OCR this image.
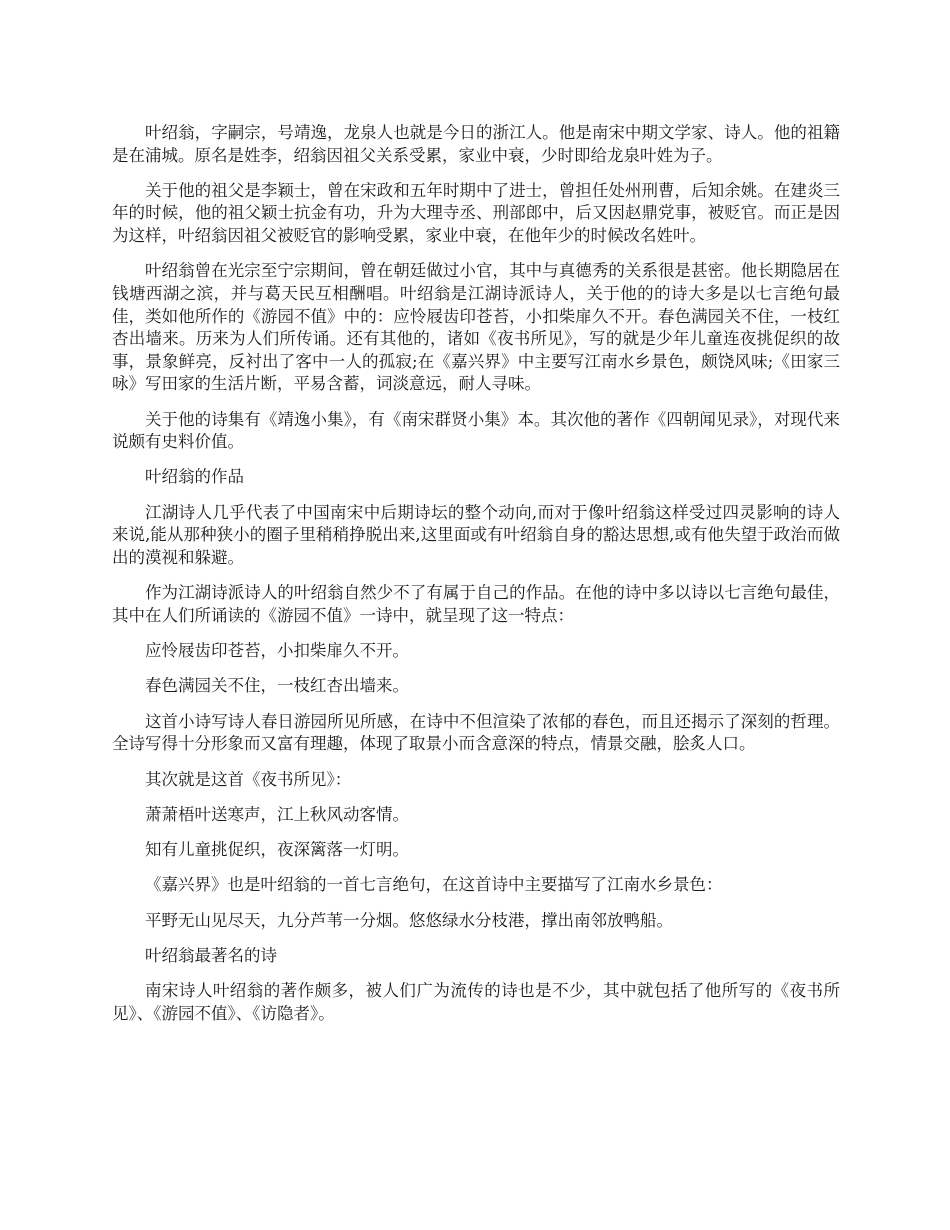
叶绍翁，字嗣宗，号靖逸，龙泉人也就是今日的浙江人。他是南宋中期文学家、诗人。他的祖籍是在浦城。原名是姓李，绍翁因祖父关系受累，家业中衰，少时即给龙泉叶姓为子。

关于他的祖父是李颖士，曾在宋政和五年时期中了进士，曾担任处州刑曹，后知余姚。在建炎三年的时候，他的祖父颖士抗金有功，升为大理寺丞、刑部郎中，后又因赵鼎党事，被贬官。而正是因为这样，叶绍翁因祖父被贬官的影响受累，家业中衰，在他年少的时候改名姓叶。

叶绍翁曾在光宗至宁宗期间，曾在朝廷做过小官，其中与真德秀的关系很是甚密。他长期隐居在钱塘西湖之滨，并与葛天民互相酬唱。叶绍翁是江湖诗派诗人，关于他的的诗大多是以七言绝句最佳，类如他所作的《游园不值》中的：应怜屐齿印苍苔，小扣柴扉久不开。春色满园关不住，一枝红杏出墙来。历来为人们所传诵。还有其他的，诸如《夜书所见》，写的就是少年儿童连夜挑促织的故事，景象鲜亮，反衬出了客中一人的孤寂;在《嘉兴界》中主要写江南水乡景色，颇饶风味;《田家三咏》写田家的生活片断，平易含蓄，词淡意远，耐人寻味。

关于他的诗集有《靖逸小集》，有《南宋群贤小集》本。其次他的著作《四朝闻见录》，对现代来说颇有史料价值。

叶绍翁的作品

江湖诗人几乎代表了中国南宋中后期诗坛的整个动向,而对于像叶绍翁这样受过四灵影响的诗人来说,能从那种狭小的圈子里稍稍挣脱出来,这里面或有叶绍翁自身的豁达思想,或有他失望于政治而做出的漠视和躲避。

作为江湖诗派诗人的叶绍翁自然少不了有属于自己的作品。在他的诗中多以诗以七言绝句最佳，其中在人们所诵读的《游园不值》一诗中，就呈现了这一特点：

应怜屐齿印苍苔，小扣柴扉久不开。

春色满园关不住，一枝红杏出墙来。

这首小诗写诗人春日游园所见所感，在诗中不但渲染了浓郁的春色，而且还揭示了深刻的哲理。全诗写得十分形象而又富有理趣，体现了取景小而含意深的特点，情景交融，脍炙人口。

其次就是这首《夜书所见》：

萧萧梧叶送寒声，江上秋风动客情。

知有儿童挑促织，夜深篱落一灯明。

《嘉兴界》也是叶绍翁的一首七言绝句，在这首诗中主要描写了江南水乡景色：

平野无山见尽天，九分芦苇一分烟。悠悠绿水分枝港，撑出南邻放鸭船。

叶绍翁最著名的诗

南宋诗人叶绍翁的著作颇多，被人们广为流传的诗也是不少，其中就包括了他所写的《夜书所见》、《游园不值》、《访隐者》。
